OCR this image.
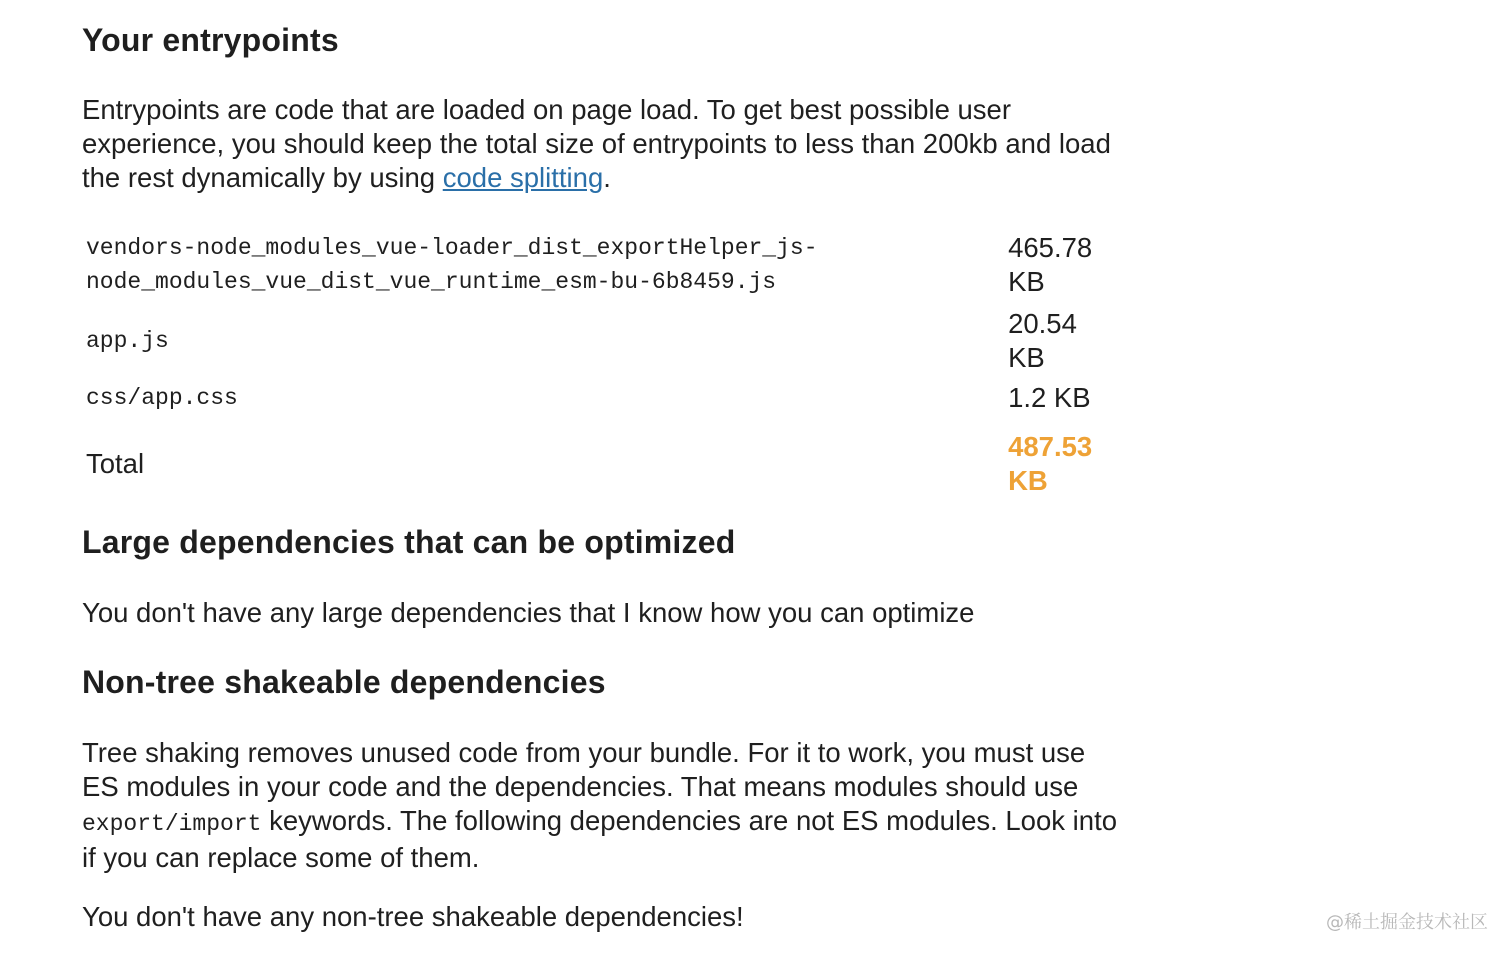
Your entrypoints

Entrypoints are code that are loaded on page load. To get best possible user experience, you should keep the total size of entrypoints to less than 200kb and load the rest dynamically by using code splitting.

vendors-node_modules_vue-loader_dist_exportHelper_js-
node_modules_vue_dist_vue_runtime_esm-bu-6b8459.js	465.78
KB
app.js	20.54
KB
css/app.css	1.2 KB
Total	487.53
KB
Large dependencies that can be optimized

You don't have any large dependencies that I know how you can optimize

Non-tree shakeable dependencies

Tree shaking removes unused code from your bundle. For it to work, you must use ES modules in your code and the dependencies. That means modules should use export/import keywords. The following dependencies are not ES modules. Look into if you can replace some of them.

You don't have any non-tree shakeable dependencies!	@稀土掘金技术社区
